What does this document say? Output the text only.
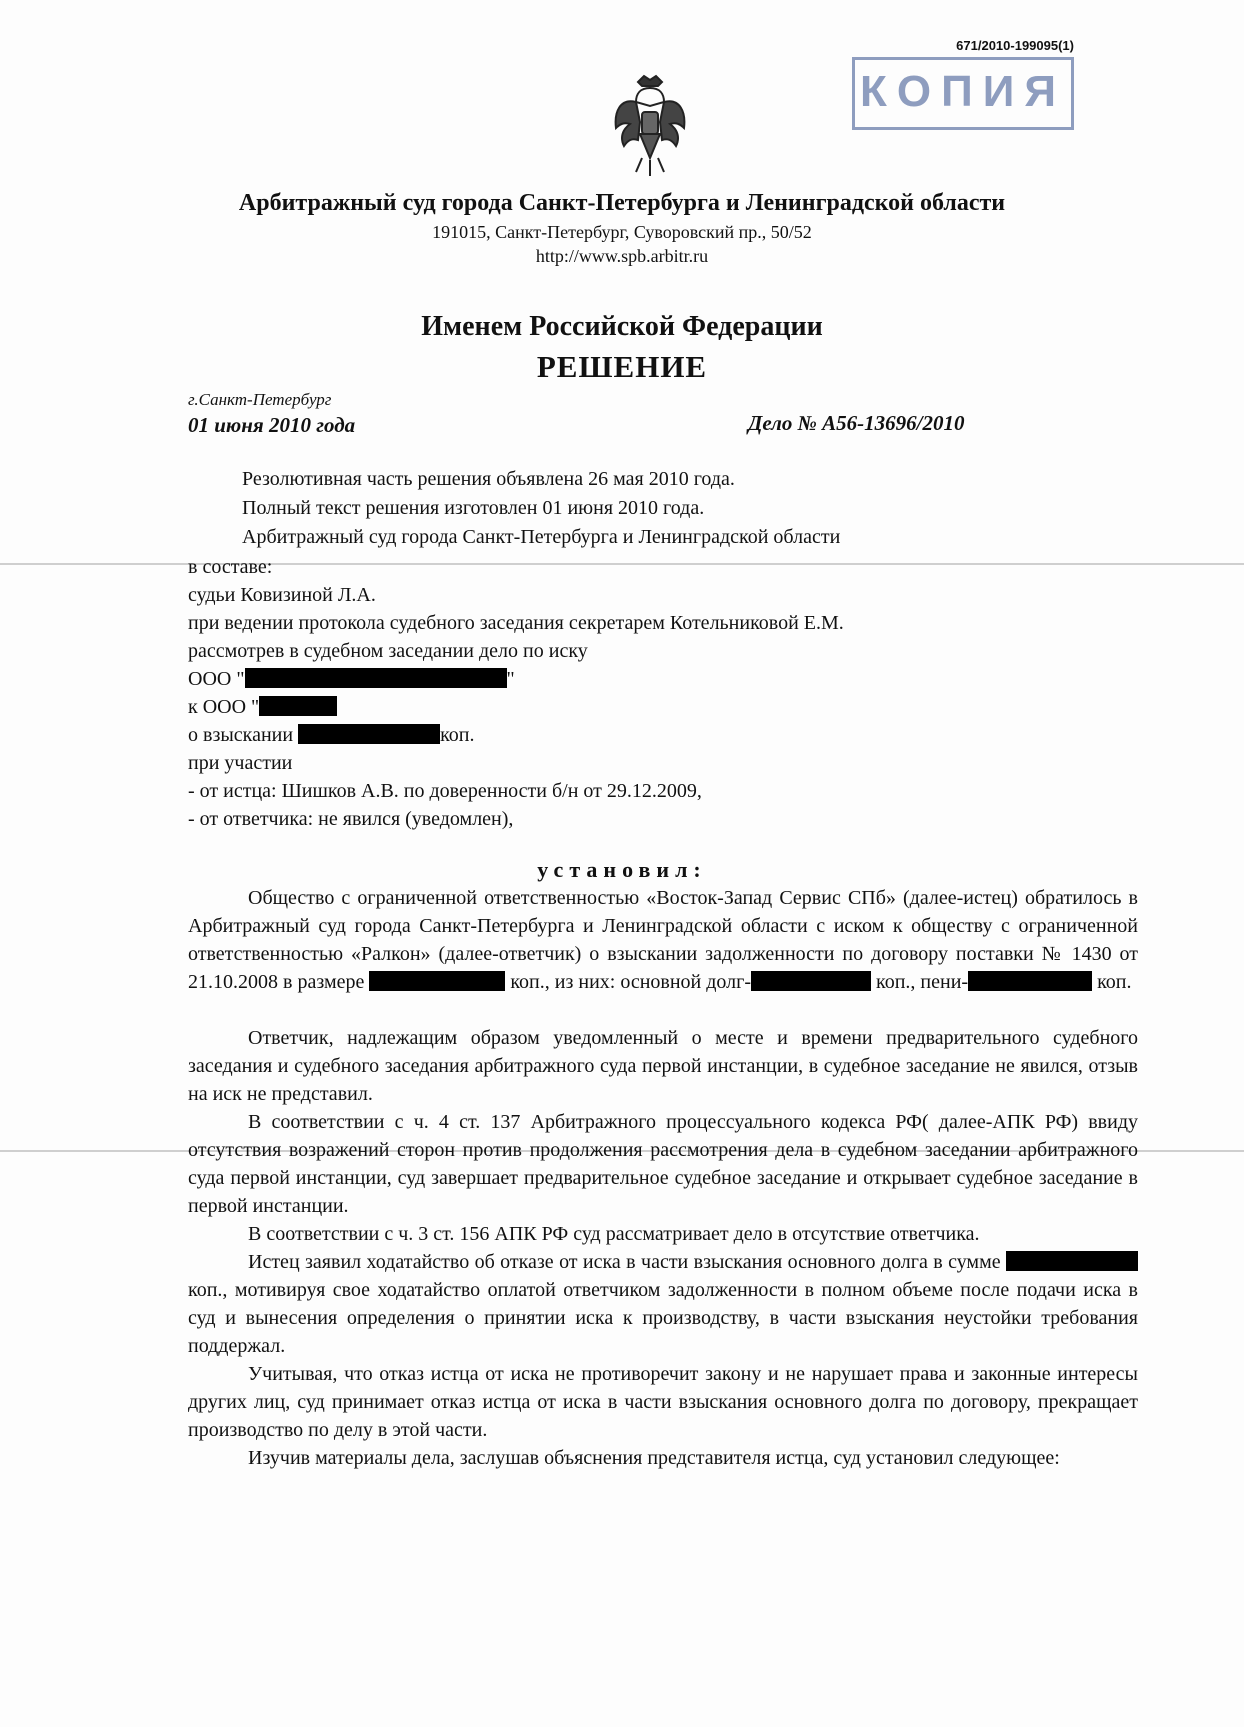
671/2010-199095(1)
КОПИЯ
Арбитражный суд города Санкт-Петербурга и Ленинградской области
191015, Санкт-Петербург, Суворовский пр., 50/52
http://www.spb.arbitr.ru
Именем Российской Федерации
РЕШЕНИЕ
г.Санкт-Петербург
01 июня 2010 года	Дело № А56-13696/2010
Резолютивная часть решения объявлена 26 мая 2010 года.
Полный текст решения изготовлен 01 июня 2010 года.
Арбитражный суд города Санкт-Петербурга и Ленинградской области
в составе:
судьи Ковизиной Л.А.
при ведении протокола судебного заседания секретарем Котельниковой Е.М.
рассмотрев в судебном заседании дело по иску
ООО "	"
к ООО "
о взыскании	коп.
при участии
- от истца: Шишков А.В. по доверенности б/н от 29.12.2009,
- от ответчика: не явился (уведомлен),
установил:
Общество с ограниченной ответственностью «Восток-Запад Сервис СПб» (далее-истец) обратилось в Арбитражный суд города Санкт-Петербурга и Ленинградской области с иском к обществу с ограниченной ответственностью «Ралкон» (далее-ответчик) о взыскании задолженности по договору поставки № 1430 от 21.10.2008 в размере	коп., из них: основной долг-	коп., пени-	коп.
Ответчик, надлежащим образом уведомленный о месте и времени предварительного судебного заседания и судебного заседания арбитражного суда первой инстанции, в судебное заседание не явился, отзыв на иск не представил.
В соответствии с ч. 4 ст. 137 Арбитражного процессуального кодекса РФ( далее-АПК РФ) ввиду отсутствия возражений сторон против продолжения рассмотрения дела в судебном заседании арбитражного суда первой инстанции, суд завершает предварительное судебное заседание и открывает судебное заседание в первой инстанции.
В соответствии с ч. 3 ст. 156 АПК РФ суд рассматривает дело в отсутствие ответчика.
Истец заявил ходатайство об отказе от иска в части взыскания основного долга в сумме  коп., мотивируя свое ходатайство оплатой ответчиком задолженности в полном объеме после подачи иска в суд и вынесения определения о принятии иска к производству, в части взыскания неустойки требования поддержал.
Учитывая, что отказ истца от иска не противоречит закону и не нарушает права и законные интересы других лиц, суд принимает отказ истца от иска в части взыскания основного долга по договору, прекращает производство по делу в этой части.
Изучив материалы дела, заслушав объяснения представителя истца, суд установил следующее:
